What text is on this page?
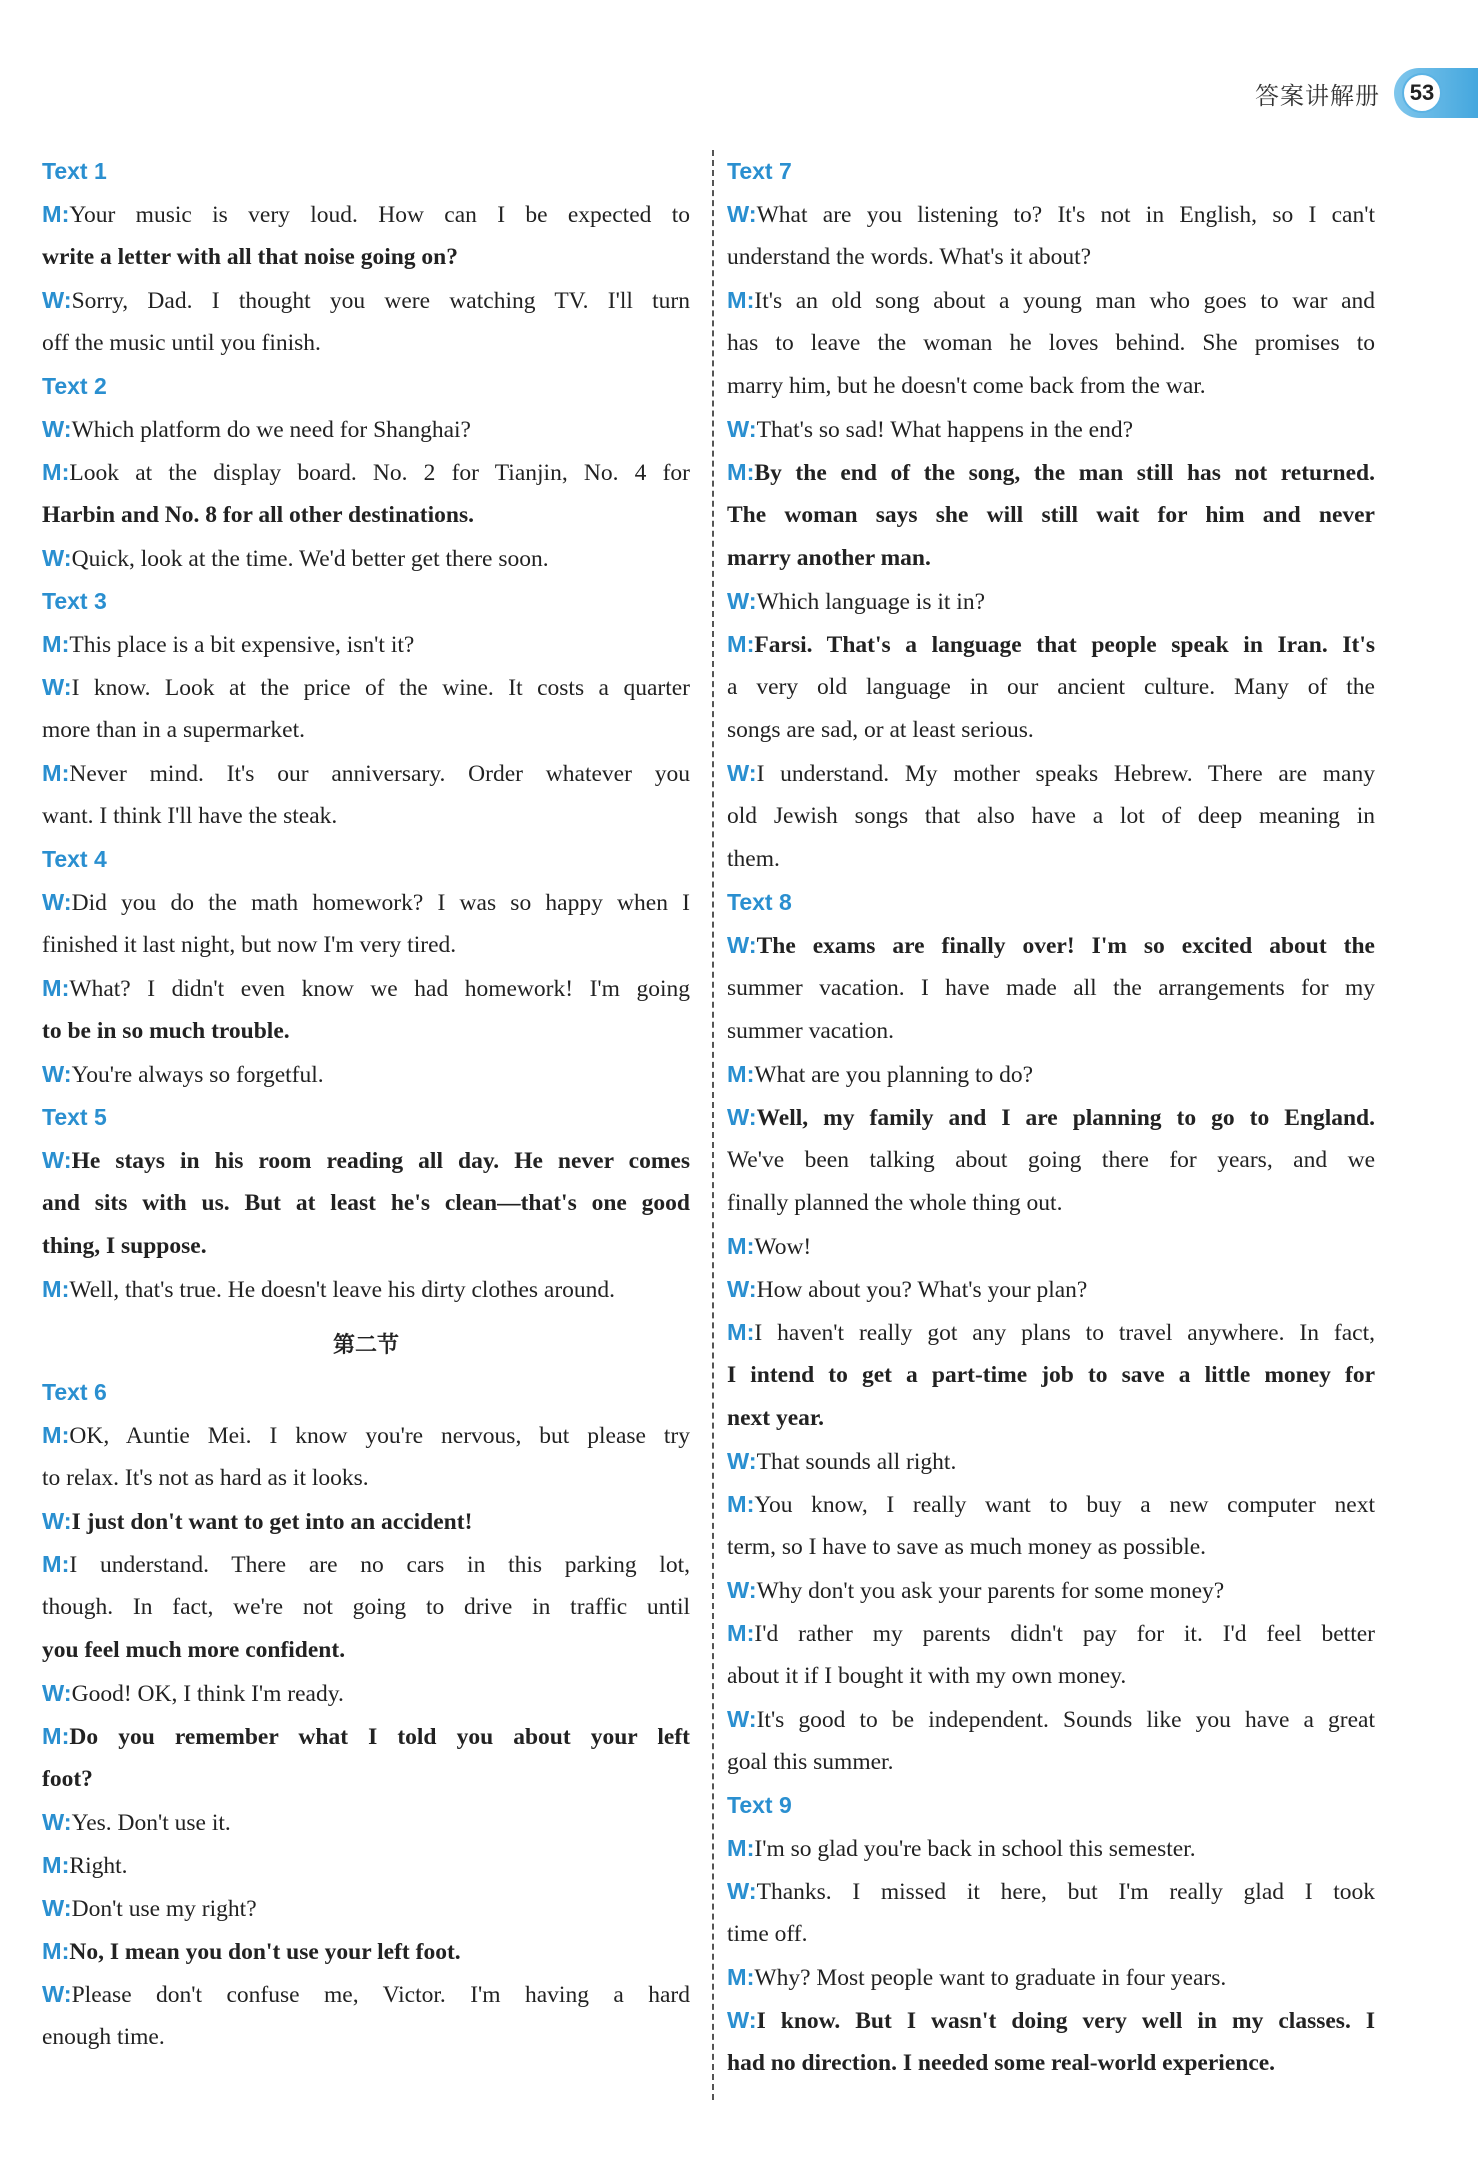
答案讲解册	53
Text 1
M:Your music is very loud. How can I be expected to
write a letter with all that noise going on?
W:Sorry, Dad. I thought you were watching TV. I'll turn
off the music until you finish.
Text 2
W:Which platform do we need for Shanghai?
M:Look at the display board. No. 2 for Tianjin, No. 4 for
Harbin and No. 8 for all other destinations.
W:Quick, look at the time. We'd better get there soon.
Text 3
M:This place is a bit expensive, isn't it?
W:I know. Look at the price of the wine. It costs a quarter
more than in a supermarket.
M:Never mind. It's our anniversary. Order whatever you
want. I think I'll have the steak.
Text 4
W:Did you do the math homework? I was so happy when I
finished it last night, but now I'm very tired.
M:What? I didn't even know we had homework! I'm going
to be in so much trouble.
W:You're always so forgetful.
Text 5
W:He stays in his room reading all day. He never comes
and sits with us. But at least he's clean—that's one good
thing, I suppose.
M:Well, that's true. He doesn't leave his dirty clothes around.
第二节
Text 6
M:OK, Auntie Mei. I know you're nervous, but please try
to relax. It's not as hard as it looks.
W:I just don't want to get into an accident!
M:I understand. There are no cars in this parking lot,
though. In fact, we're not going to drive in traffic until
you feel much more confident.
W:Good! OK, I think I'm ready.
M:Do you remember what I told you about your left
foot?
W:Yes. Don't use it.
M:Right.
W:Don't use my right?
M:No, I mean you don't use your left foot.
W:Please don't confuse me, Victor. I'm having a hard
enough time.
Text 7
W:What are you listening to? It's not in English, so I can't
understand the words. What's it about?
M:It's an old song about a young man who goes to war and
has to leave the woman he loves behind. She promises to
marry him, but he doesn't come back from the war.
W:That's so sad! What happens in the end?
M:By the end of the song, the man still has not returned.
The woman says she will still wait for him and never
marry another man.
W:Which language is it in?
M:Farsi. That's a language that people speak in Iran. It's
a very old language in our ancient culture. Many of the
songs are sad, or at least serious.
W:I understand. My mother speaks Hebrew. There are many
old Jewish songs that also have a lot of deep meaning in
them.
Text 8
W:The exams are finally over! I'm so excited about the
summer vacation. I have made all the arrangements for my
summer vacation.
M:What are you planning to do?
W:Well, my family and I are planning to go to England.
We've been talking about going there for years, and we
finally planned the whole thing out.
M:Wow!
W:How about you? What's your plan?
M:I haven't really got any plans to travel anywhere. In fact,
I intend to get a part-time job to save a little money for
next year.
W:That sounds all right.
M:You know, I really want to buy a new computer next
term, so I have to save as much money as possible.
W:Why don't you ask your parents for some money?
M:I'd rather my parents didn't pay for it. I'd feel better
about it if I bought it with my own money.
W:It's good to be independent. Sounds like you have a great
goal this summer.
Text 9
M:I'm so glad you're back in school this semester.
W:Thanks. I missed it here, but I'm really glad I took
time off.
M:Why? Most people want to graduate in four years.
W:I know. But I wasn't doing very well in my classes. I
had no direction. I needed some real-world experience.
